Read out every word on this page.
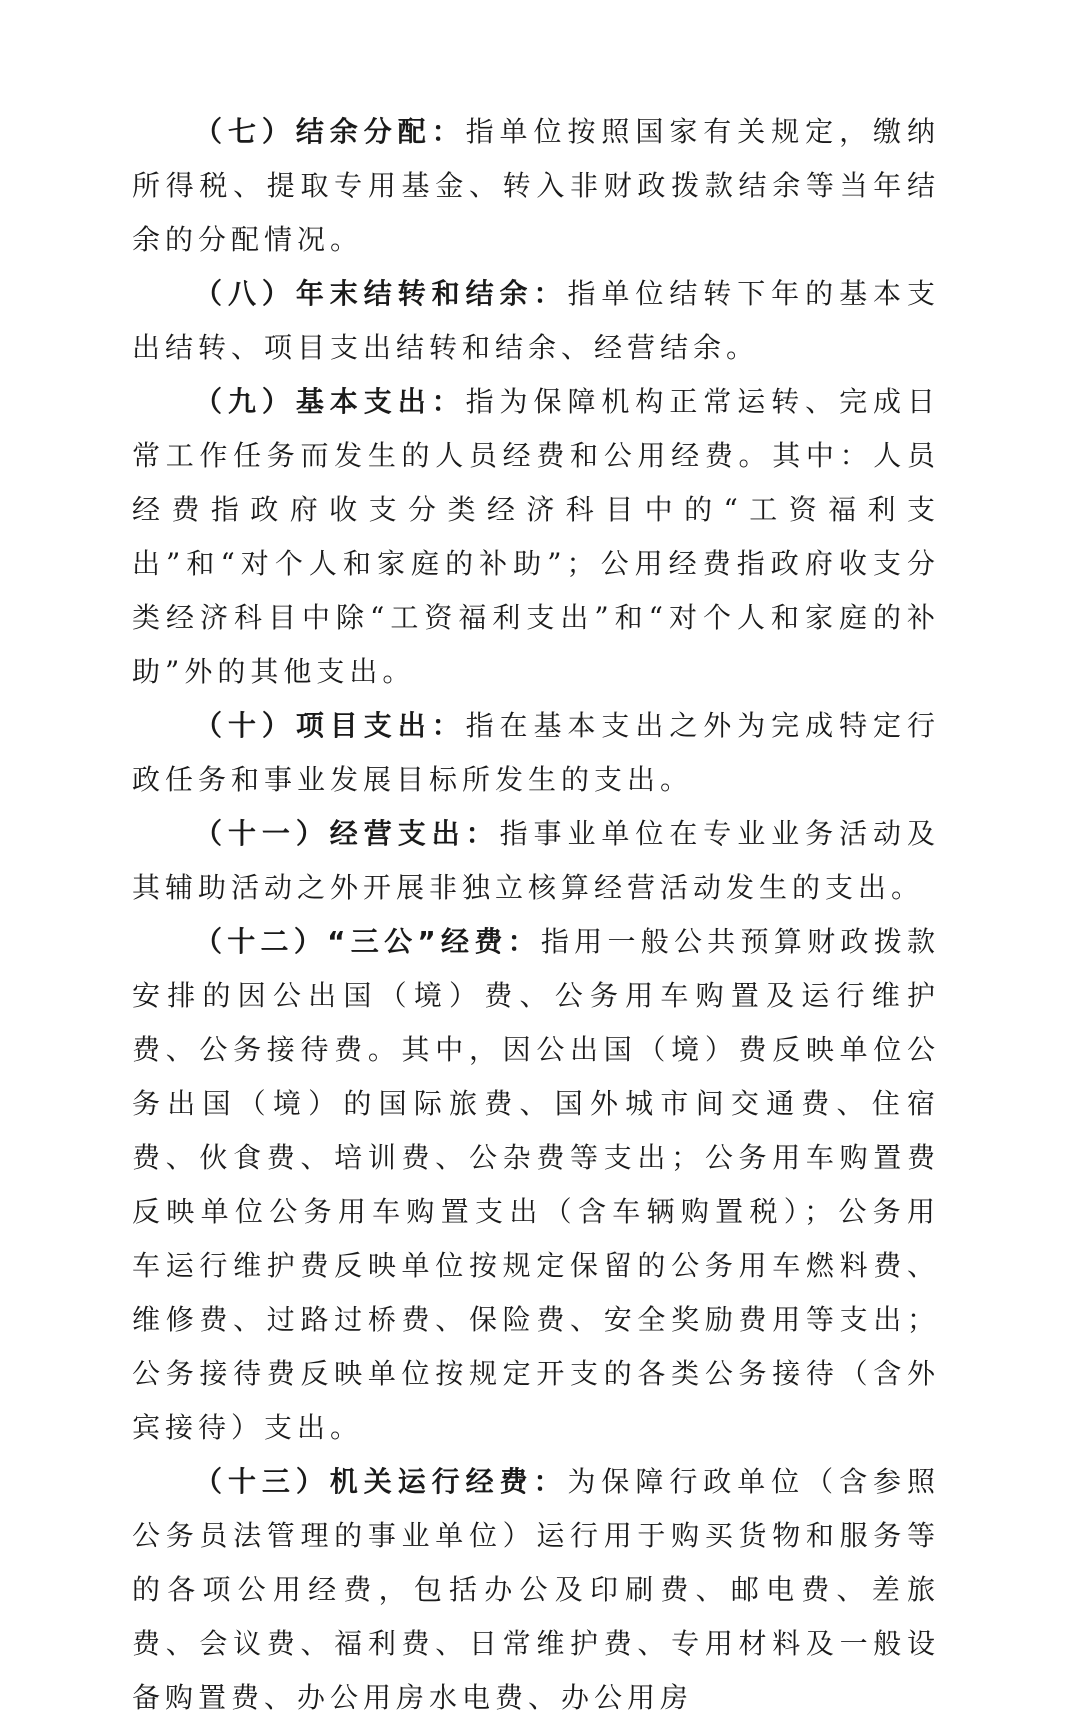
（七）结余分配：指单位按照国家有关规定，缴纳所得税、提取专用基金、转入非财政拨款结余等当年结余的分配情况。

（八）年末结转和结余：指单位结转下年的基本支出结转、项目支出结转和结余、经营结余。

（九）基本支出：指为保障机构正常运转、完成日常工作任务而发生的人员经费和公用经费。其中：人员经费指政府收支分类经济科目中的“工资福利支出”和“对个人和家庭的补助”；公用经费指政府收支分类经济科目中除“工资福利支出”和“对个人和家庭的补助”外的其他支出。

（十）项目支出：指在基本支出之外为完成特定行政任务和事业发展目标所发生的支出。

（十一）经营支出：指事业单位在专业业务活动及其辅助活动之外开展非独立核算经营活动发生的支出。

（十二）“三公”经费：指用一般公共预算财政拨款安排的因公出国（境）费、公务用车购置及运行维护费、公务接待费。其中，因公出国（境）费反映单位公务出国（境）的国际旅费、国外城市间交通费、住宿费、伙食费、培训费、公杂费等支出；公务用车购置费反映单位公务用车购置支出（含车辆购置税）；公务用车运行维护费反映单位按规定保留的公务用车燃料费、维修费、过路过桥费、保险费、安全奖励费用等支出；公务接待费反映单位按规定开支的各类公务接待（含外宾接待）支出。

（十三）机关运行经费：为保障行政单位（含参照公务员法管理的事业单位）运行用于购买货物和服务等的各项公用经费，包括办公及印刷费、邮电费、差旅费、会议费、福利费、日常维护费、专用材料及一般设备购置费、办公用房水电费、办公用房
